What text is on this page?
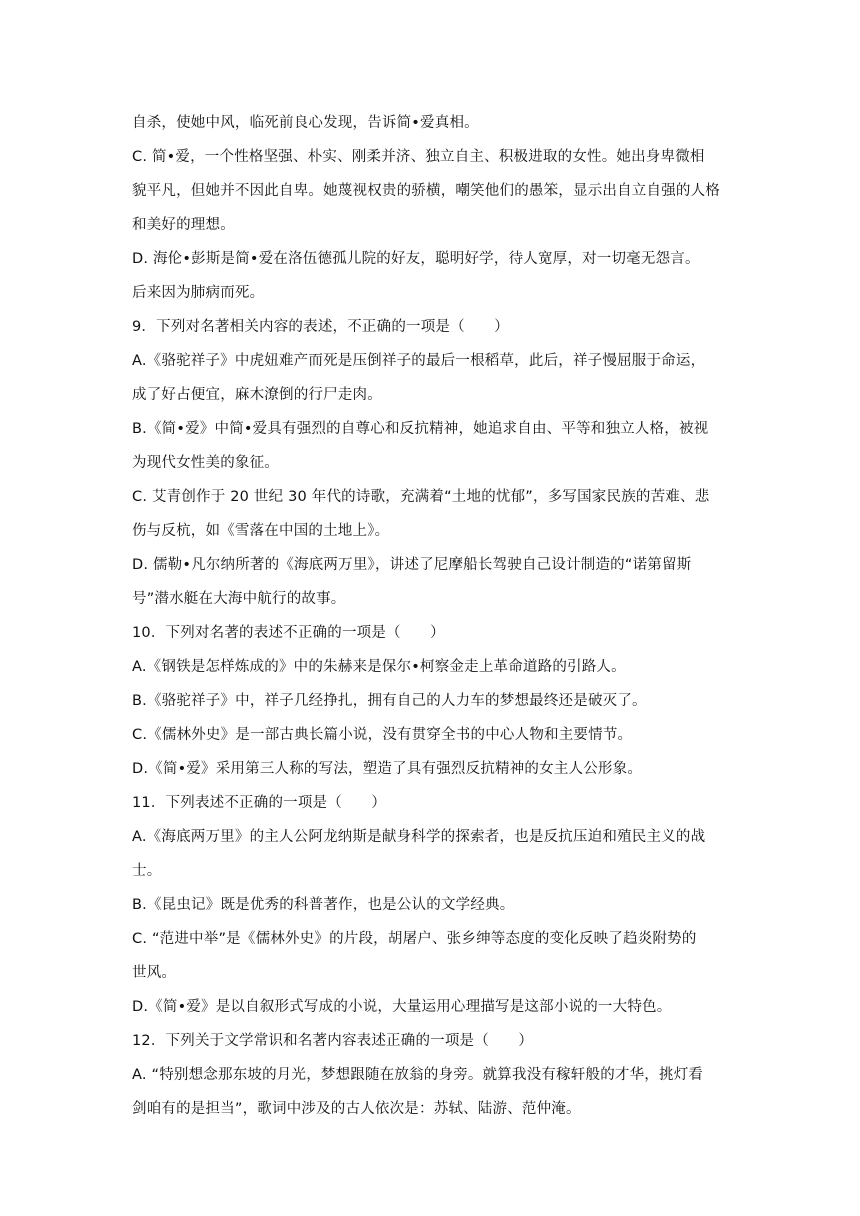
自杀，使她中风，临死前良心发现，告诉简•爱真相。
C. 简•爱，一个性格坚强、朴实、刚柔并济、独立自主、积极进取的女性。她出身卑微相
貌平凡，但她并不因此自卑。她蔑视权贵的骄横，嘲笑他们的愚笨，显示出自立自强的人格
和美好的理想。
D. 海伦•彭斯是简•爱在洛伍德孤儿院的好友，聪明好学，待人宽厚，对一切毫无怨言。
后来因为肺病而死。
9．下列对名著相关内容的表述，不正确的一项是（　　）
A.《骆驼祥子》中虎妞难产而死是压倒祥子的最后一根稻草，此后，祥子慢屈服于命运，
成了好占便宜，麻木潦倒的行尸走肉。
B.《简•爱》中简•爱具有强烈的自尊心和反抗精神，她追求自由、平等和独立人格，被视
为现代女性美的象征。
C. 艾青创作于 20 世纪 30 年代的诗歌，充满着“土地的忧郁”，多写国家民族的苦难、悲
伤与反杭，如《雪落在中国的土地上》。
D. 儒勒•凡尔纳所著的《海底两万里》，讲述了尼摩船长驾驶自己设计制造的“诺第留斯
号”潜水艇在大海中航行的故事。
10．下列对名著的表述不正确的一项是（　　）
A.《钢铁是怎样炼成的》中的朱赫来是保尔•柯察金走上革命道路的引路人。
B.《骆驼祥子》中，祥子几经挣扎，拥有自己的人力车的梦想最终还是破灭了。
C.《儒林外史》是一部古典长篇小说，没有贯穿全书的中心人物和主要情节。
D.《简•爱》采用第三人称的写法，塑造了具有强烈反抗精神的女主人公形象。
11．下列表述不正确的一项是（　　）
A.《海底两万里》的主人公阿龙纳斯是献身科学的探索者，也是反抗压迫和殖民主义的战
士。
B.《昆虫记》既是优秀的科普著作，也是公认的文学经典。
C. “范进中举”是《儒林外史》的片段，胡屠户、张乡绅等态度的变化反映了趋炎附势的
世风。
D.《简•爱》是以自叙形式写成的小说，大量运用心理描写是这部小说的一大特色。
12．下列关于文学常识和名著内容表述正确的一项是（　　）
A. “特别想念那东坡的月光，梦想跟随在放翁的身旁。就算我没有稼轩般的才华，挑灯看
剑咱有的是担当”，歌词中涉及的古人依次是：苏轼、陆游、范仲淹。
